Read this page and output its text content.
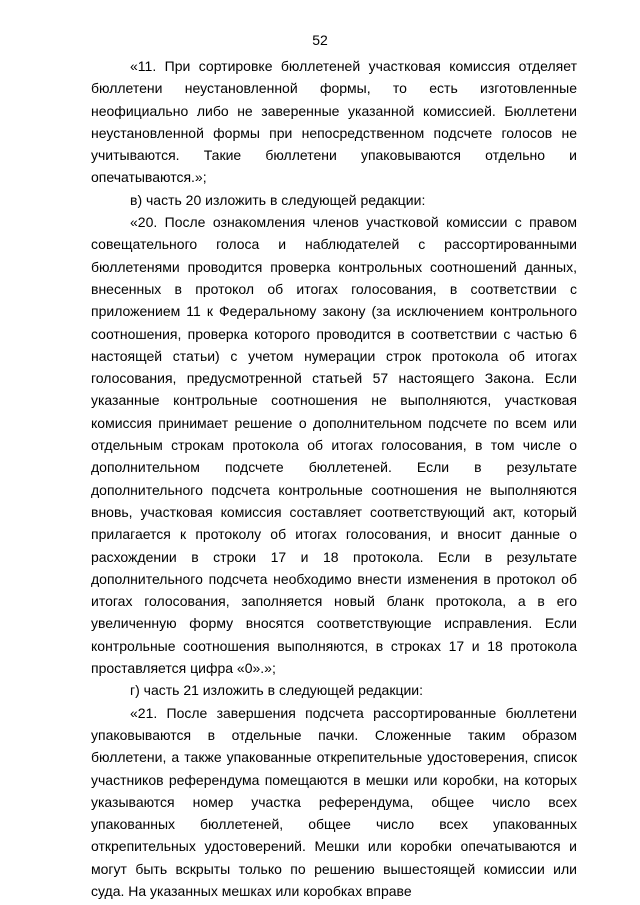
52

«11. При сортировке бюллетеней участковая комиссия отделяет бюллетени неустановленной формы, то есть изготовленные неофициально либо не заверенные указанной комиссией. Бюллетени неустановленной формы при непосредственном подсчете голосов не учитываются. Такие бюллетени упаковываются отдельно и опечатываются.»;

в) часть 20 изложить в следующей редакции:

«20. После ознакомления членов участковой комиссии с правом совещательного голоса и наблюдателей с рассортированными бюллетенями проводится проверка контрольных соотношений данных, внесенных в протокол об итогах голосования, в соответствии с приложением 11 к Федеральному закону (за исключением контрольного соотношения, проверка которого проводится в соответствии с частью 6 настоящей статьи) с учетом нумерации строк протокола об итогах голосования, предусмотренной статьей 57 настоящего Закона. Если указанные контрольные соотношения не выполняются, участковая комиссия принимает решение о дополнительном подсчете по всем или отдельным строкам протокола об итогах голосования, в том числе о дополнительном подсчете бюллетеней. Если в результате дополнительного подсчета контрольные соотношения не выполняются вновь, участковая комиссия составляет соответствующий акт, который прилагается к протоколу об итогах голосования, и вносит данные о расхождении в строки 17 и 18 протокола. Если в результате дополнительного подсчета необходимо внести изменения в протокол об итогах голосования, заполняется новый бланк протокола, а в его увеличенную форму вносятся соответствующие исправления. Если контрольные соотношения выполняются, в строках 17 и 18 протокола проставляется цифра «0».»;

г) часть 21 изложить в следующей редакции:

«21. После завершения подсчета рассортированные бюллетени упаковываются в отдельные пачки. Сложенные таким образом бюллетени, а также упакованные открепительные удостоверения, список участников референдума помещаются в мешки или коробки, на которых указываются номер участка референдума, общее число всех упакованных бюллетеней, общее число всех упакованных открепительных удостоверений. Мешки или коробки опечатываются и могут быть вскрыты только по решению вышестоящей комиссии или суда. На указанных мешках или коробках вправе
